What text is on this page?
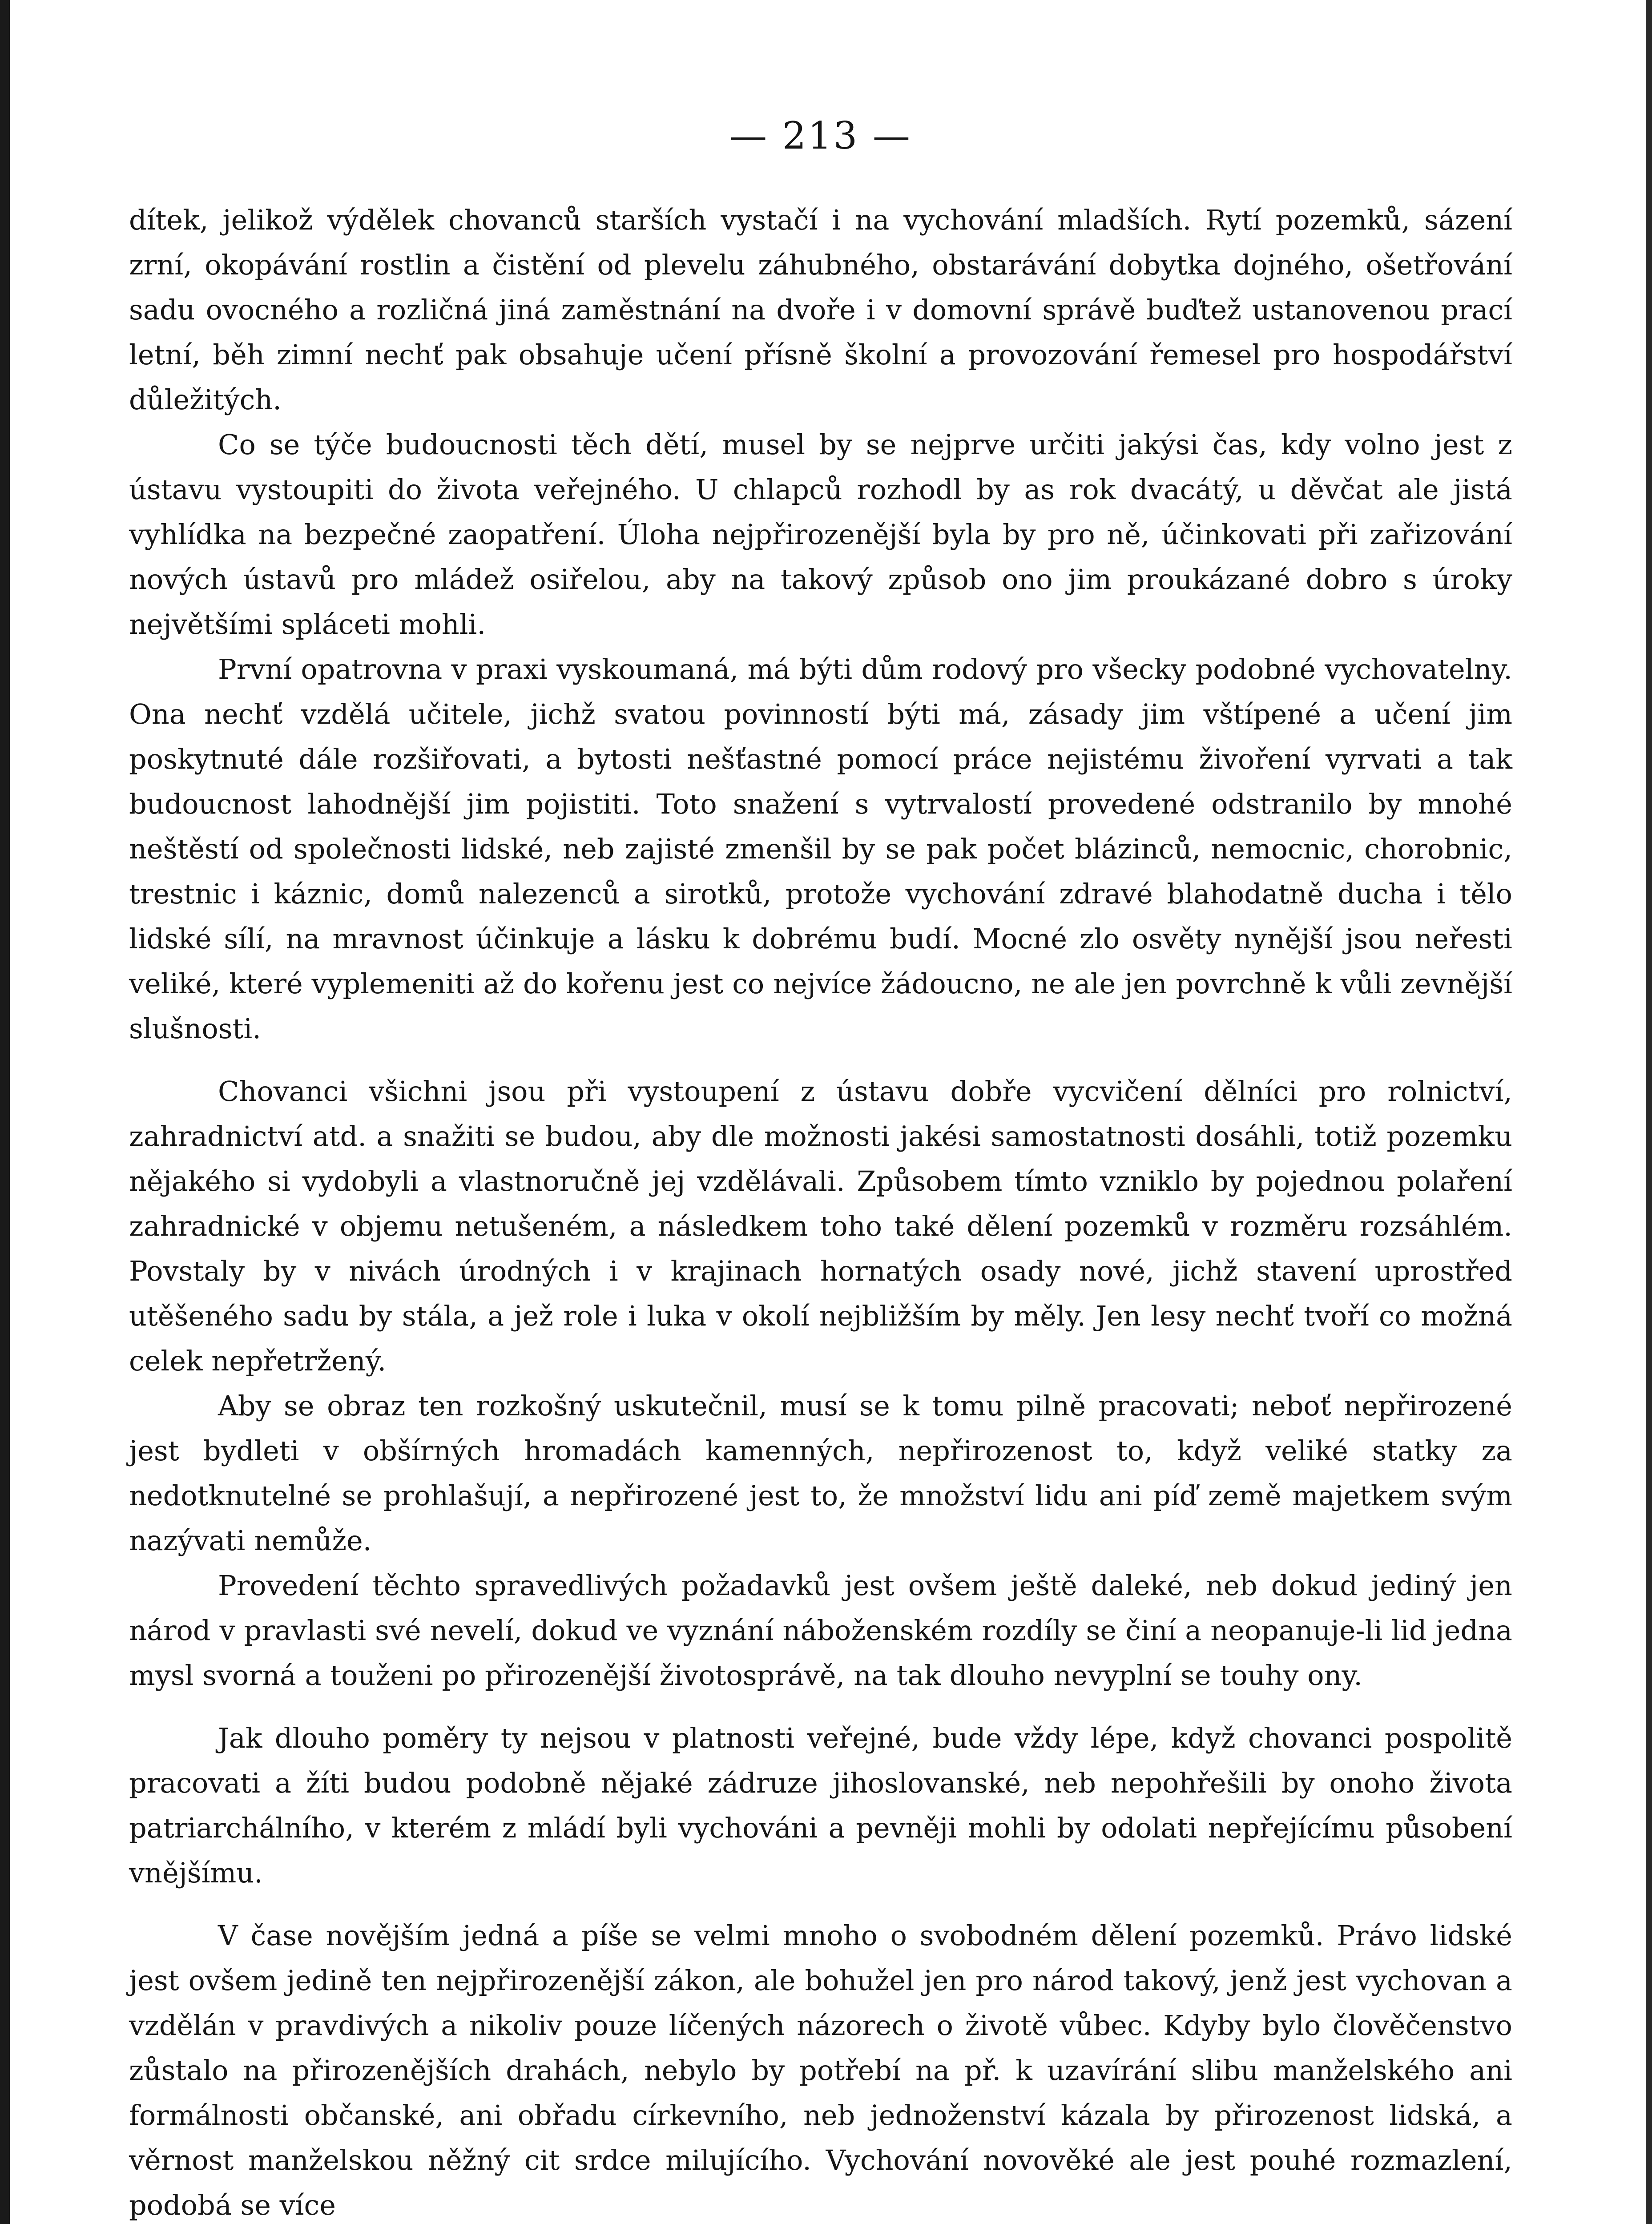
— 213 —

dítek, jelikož výdělek chovanců starších vystačí i na vychování mladších. Rytí pozemků, sázení zrní, okopávání rostlin a čistění od plevelu záhubného, obstarávání dobytka dojného, ošetřování sadu ovocného a rozličná jiná zaměstnání na dvoře i v domovní správě buďtež ustanovenou prací letní, běh zimní nechť pak obsahuje učení přísně školní a provozování řemesel pro hospodářství důležitých.

Co se týče budoucnosti těch dětí, musel by se nejprve určiti jakýsi čas, kdy volno jest z ústavu vystoupiti do života veřejného. U chlapců rozhodl by as rok dvacátý, u děvčat ale jistá vyhlídka na bezpečné zaopatření. Úloha nejpřirozenější byla by pro ně, účinkovati při zařizování nových ústavů pro mládež osiřelou, aby na takový způsob ono jim proukázané dobro s úroky největšími spláceti mohli.

První opatrovna v praxi vyskoumaná, má býti dům rodový pro všecky podobné vychovatelny. Ona nechť vzdělá učitele, jichž svatou povinností býti má, zásady jim vštípené a učení jim poskytnuté dále rozšiřovati, a bytosti nešťastné pomocí práce nejistému živoření vyrvati a tak budoucnost lahodnější jim pojistiti. Toto snažení s vytrvalostí provedené odstranilo by mnohé neštěstí od společnosti lidské, neb zajisté zmenšil by se pak počet blázinců, nemocnic, chorobnic, trestnic i káznic, domů nalezenců a sirotků, protože vychování zdravé blahodatně ducha i tělo lidské sílí, na mravnost účinkuje a lásku k dobrému budí. Mocné zlo osvěty nynější jsou neřesti veliké, které vyplemeniti až do kořenu jest co nejvíce žádoucno, ne ale jen povrchně k vůli zevnější slušnosti.

Chovanci všichni jsou při vystoupení z ústavu dobře vycvičení dělníci pro rolnictví, zahradnictví atd. a snažiti se budou, aby dle možnosti jakési samostatnosti dosáhli, totiž pozemku nějakého si vydobyli a vlastnoručně jej vzdělávali. Způsobem tímto vzniklo by pojednou polaření zahradnické v objemu netušeném, a následkem toho také dělení pozemků v rozměru rozsáhlém. Povstaly by v nivách úrodných i v krajinach hornatých osady nové, jichž stavení uprostřed utěšeného sadu by stála, a jež role i luka v okolí nejbližším by měly. Jen lesy nechť tvoří co možná celek nepřetržený.

Aby se obraz ten rozkošný uskutečnil, musí se k tomu pilně pracovati; neboť nepřirozené jest bydleti v obšírných hromadách kamenných, nepřirozenost to, když veliké statky za nedotknutelné se prohlašují, a nepřirozené jest to, že množství lidu ani píď země majetkem svým nazývati nemůže.

Provedení těchto spravedlivých požadavků jest ovšem ještě daleké, neb dokud jediný jen národ v pravlasti své nevelí, dokud ve vyznání náboženském rozdíly se činí a neopanuje-li lid jedna mysl svorná a touženi po přirozenější životosprávě, na tak dlouho nevyplní se touhy ony.

Jak dlouho poměry ty nejsou v platnosti veřejné, bude vždy lépe, když chovanci pospolitě pracovati a žíti budou podobně nějaké zádruze jihoslovanské, neb nepohřešili by onoho života patriarchálního, v kterém z mládí byli vychováni a pevněji mohli by odolati nepřejícímu působení vnějšímu.

V čase novějším jedná a píše se velmi mnoho o svobodném dělení pozemků. Právo lidské jest ovšem jedině ten nejpřirozenější zákon, ale bohužel jen pro národ takový, jenž jest vychovan a vzdělán v pravdivých a nikoliv pouze líčených názorech o životě vůbec. Kdyby bylo člověčenstvo zůstalo na přirozenějších drahách, nebylo by potřebí na př. k uzavírání slibu manželského ani formálnosti občanské, ani obřadu církevního, neb jednoženství kázala by přirozenost lidská, a věrnost manželskou něžný cit srdce milujícího. Vychování novověké ale jest pouhé rozmazlení, podobá se více
